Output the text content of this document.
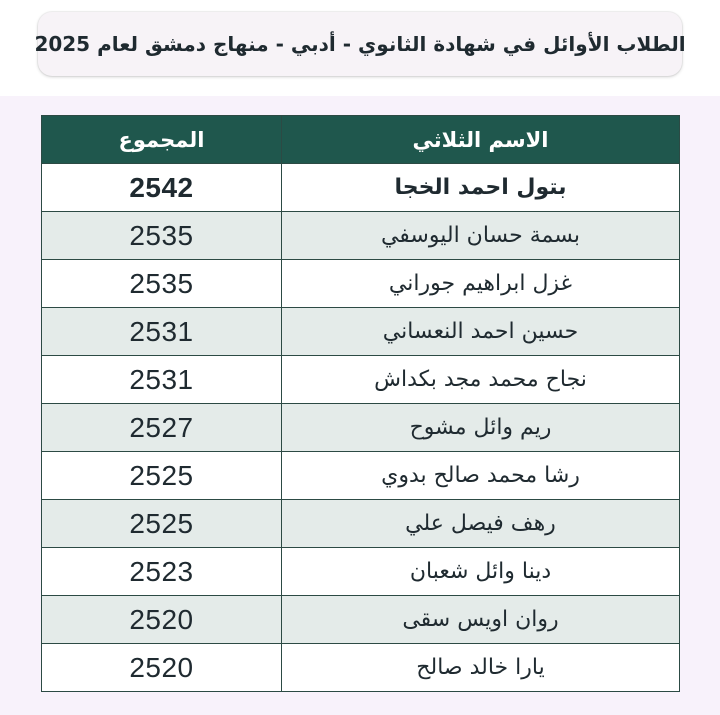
الطلاب الأوائل في شهادة الثانوي - أدبي - منهاج دمشق لعام 2025
الاسم الثلاثي	المجموع
بتول احمد الخجا	2542
بسمة حسان اليوسفي	2535
غزل ابراهيم جوراني	2535
حسين احمد النعساني	2531
نجاح محمد مجد بكداش	2531
ريم وائل مشوح	2527
رشا محمد صالح بدوي	2525
رهف فيصل علي	2525
دينا وائل شعبان	2523
روان اويس سقى	2520
يارا خالد صالح	2520
